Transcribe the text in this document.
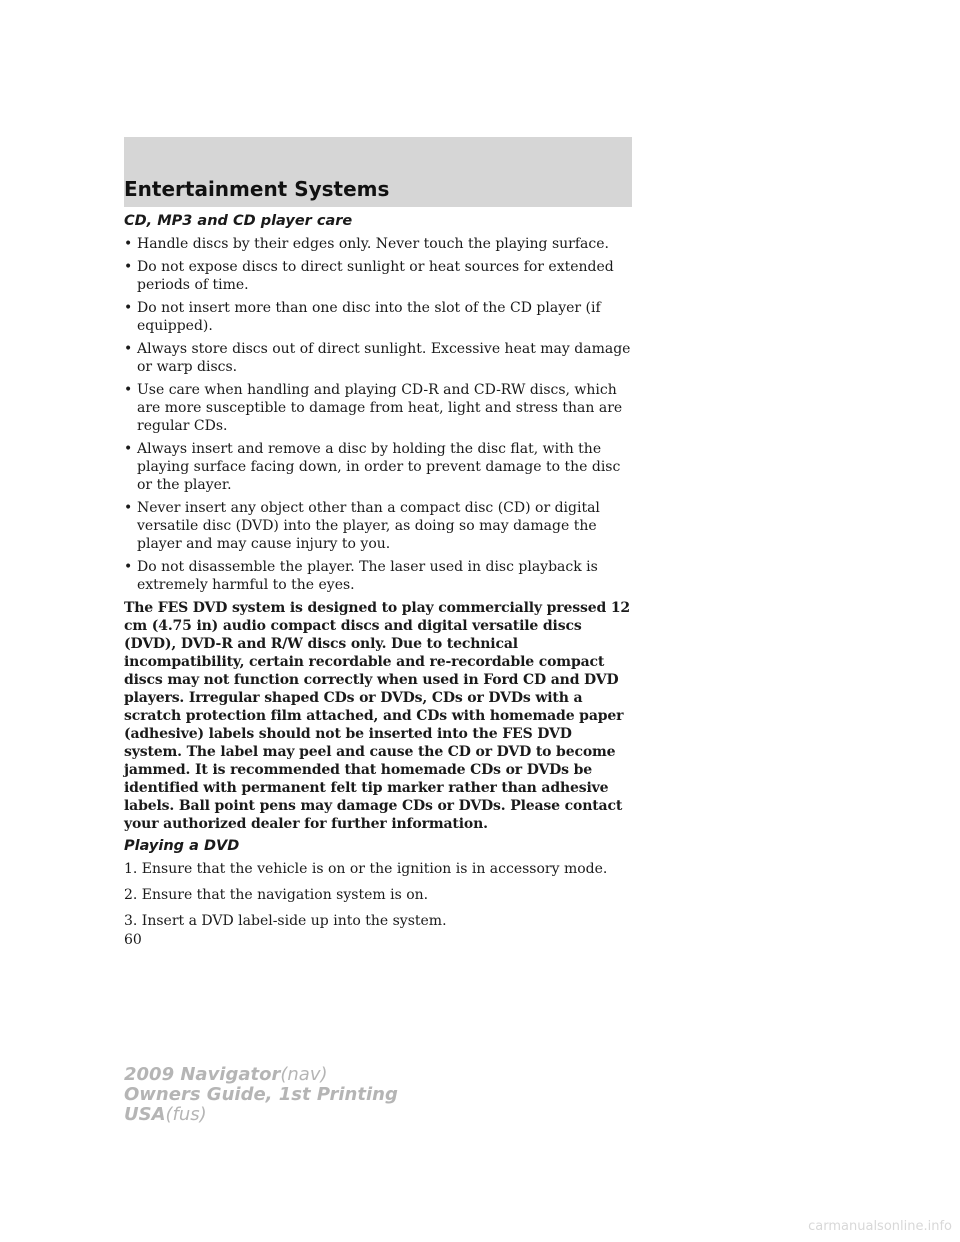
Entertainment Systems
CD, MP3 and CD player care
• Handle discs by their edges only. Never touch the playing surface.
• Do not expose discs to direct sunlight or heat sources for extended periods of time.
• Do not insert more than one disc into the slot of the CD player (if equipped).
• Always store discs out of direct sunlight. Excessive heat may damage or warp discs.
• Use care when handling and playing CD-R and CD-RW discs, which are more susceptible to damage from heat, light and stress than are regular CDs.
• Always insert and remove a disc by holding the disc flat, with the playing surface facing down, in order to prevent damage to the disc or the player.
• Never insert any object other than a compact disc (CD) or digital versatile disc (DVD) into the player, as doing so may damage the player and may cause injury to you.
• Do not disassemble the player. The laser used in disc playback is extremely harmful to the eyes.

The FES DVD system is designed to play commercially pressed 12 cm (4.75 in) audio compact discs and digital versatile discs (DVD), DVD-R and R/W discs only. Due to technical incompatibility, certain recordable and re-recordable compact discs may not function correctly when used in Ford CD and DVD players. Irregular shaped CDs or DVDs, CDs or DVDs with a scratch protection film attached, and CDs with homemade paper (adhesive) labels should not be inserted into the FES DVD system. The label may peel and cause the CD or DVD to become jammed. It is recommended that homemade CDs or DVDs be identified with permanent felt tip marker rather than adhesive labels. Ball point pens may damage CDs or DVDs. Please contact your authorized dealer for further information.

Playing a DVD

1. Ensure that the vehicle is on or the ignition is in accessory mode.

2. Ensure that the navigation system is on.

3. Insert a DVD label-side up into the system.

60
2009 Navigator(nav)
Owners Guide, 1st Printing
USA(fus)
carmanualsonline.info
